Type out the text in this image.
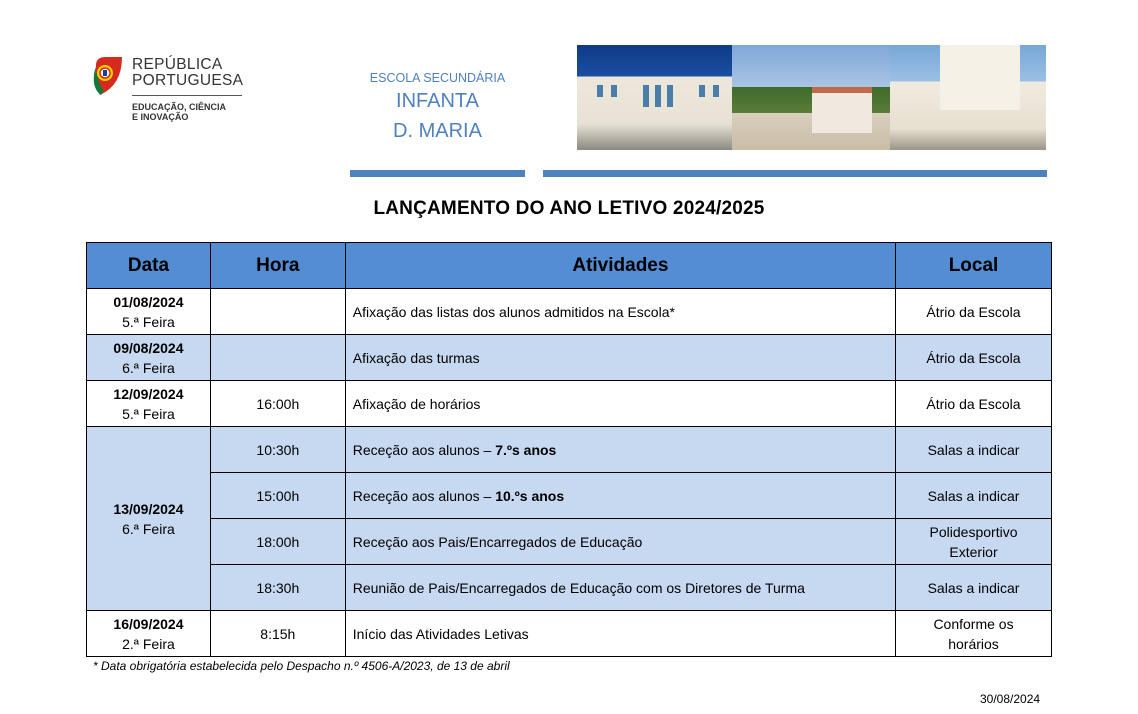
REPÚBLICA
PORTUGUESA
EDUCAÇÃO, CIÊNCIA
E INOVAÇÃO
ESCOLA SECUNDÁRIA
INFANTA
D. MARIA
LANÇAMENTO DO ANO LETIVO 2024/2025
Data	Hora	Atividades	Local

01/08/2024
5.ª Feira		Afixação das listas dos alunos admitidos na Escola*	Átrio da Escola

09/08/2024
6.ª Feira		Afixação das turmas	Átrio da Escola

12/09/2024
5.ª Feira	16:00h	Afixação de horários	Átrio da Escola

13/09/2024
6.ª Feira	10:30h	Receção aos alunos – 7.ºs anos	Salas a indicar
	15:00h	Receção aos alunos – 10.ºs anos	Salas a indicar
	18:00h	Receção aos Pais/Encarregados de Educação	Polidesportivo Exterior
	18:30h	Reunião de Pais/Encarregados de Educação com os Diretores de Turma	Salas a indicar

16/09/2024
2.ª Feira	8:15h	Início das Atividades Letivas	Conforme os horários
* Data obrigatória estabelecida pelo Despacho n.º 4506-A/2023, de 13 de abril
30/08/2024
